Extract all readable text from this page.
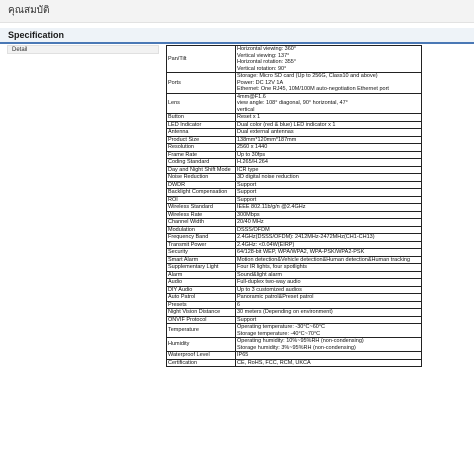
คุณสมบัติ
Specification
Detail
Pan/Tilt	Horizontal viewing: 360°
Vertical viewing: 137°
Horizontal rotation: 355°
Vertical rotation: 90°

Ports	Storage: Micro SD card (Up to 256G, Class10 and above)
Power: DC 12V 1A
Ethernet: One RJ45, 10M/100M auto-negotiation Ethernet port

Lens	4mm@F1.6
view angle: 108° diagonal, 90° horizontal, 47°
vertical

Button	Reset x 1

LED Indicator	Dual color (red & blue) LED indicator x 1

Antenna	Dual external antennas

Product Size	138mm*120mm*187mm

Resolution	2560 x 1440

Frame Rate	Up to 30fps

Coding Standard	H.265/H.264

Day and Night Shift Mode	ICR type

Noise Reduction	3D digital noise reduction

DWDR	Support

Backlight Compensation	Support

ROI	Support

Wireless Standard	IEEE 802.11b/g/n @2.4GHz

Wireless Rate	300Mbps

Channel Width	20/40 MHz

Modulation	DSSS/OFDM

Frequency Band	2.4GHz(DSSS/OFDM): 2412MHz-2472MHz(CH1-CH13)

Transmit Power	2.4GHz: <0.04W(EIRP)

Security	64/128-bit WEP, WPA/WPA2, WPA-PSK/WPA2-PSK

Smart Alarm	Motion detection&Vehicle detection&Human detection&Human tracking

Supplementary Light	Four IR lights, four spotlights

Alarm	Sound&light alarm

Audio	Full-duplex two-way audio

DIY Audio	Up to 3 customized audios

Auto Patrol	Panoramic patrol&Preset patrol

Presets	6

Night Vision Distance	30 meters (Depending on environment)

ONVIF Protocol	Support

Temperature	Operating temperature: -30°C~60°C
Storage temperature: -40°C~70°C

Humidity	Operating humidity: 10%~95%RH (non-condensing)
Storage humidity: 3%~95%RH (non-condensing)

Waterproof Level	IP65

Certification	CE, RoHS, FCC, RCM, UKCA
